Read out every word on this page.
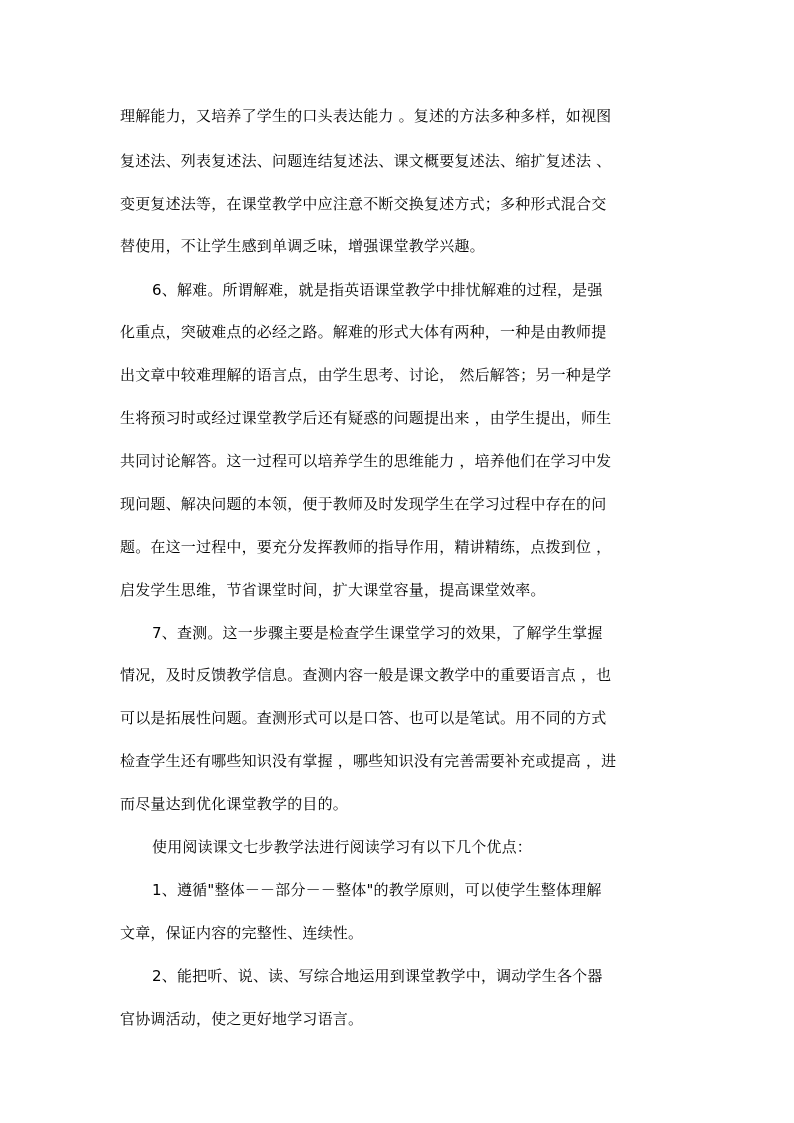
理解能力，又培养了学生的口头表达能力 。复述的方法多种多样，如视图
复述法、列表复述法、问题连结复述法、课文概要复述法、缩扩复述法 、
变更复述法等，在课堂教学中应注意不断交换复述方式；多种形式混合交
替使用，不让学生感到单调乏味，增强课堂教学兴趣。
6、解难。所谓解难，就是指英语课堂教学中排忧解难的过程，是强
化重点，突破难点的必经之路。解难的形式大体有两种，一种是由教师提
出文章中较难理解的语言点，由学生思考、讨论， 然后解答；另一种是学
生将预习时或经过课堂教学后还有疑惑的问题提出来 ，由学生提出，师生
共同讨论解答。这一过程可以培养学生的思维能力 ，培养他们在学习中发
现问题、解决问题的本领，便于教师及时发现学生在学习过程中存在的问
题。在这一过程中，要充分发挥教师的指导作用，精讲精练，点拨到位 ，
启发学生思维，节省课堂时间，扩大课堂容量，提高课堂效率。
7、查测。这一步骤主要是检查学生课堂学习的效果，了解学生掌握
情况，及时反馈教学信息。查测内容一般是课文教学中的重要语言点 ，也
可以是拓展性问题。查测形式可以是口答、也可以是笔试。用不同的方式
检查学生还有哪些知识没有掌握 ，哪些知识没有完善需要补充或提高 ，进
而尽量达到优化课堂教学的目的。
使用阅读课文七步教学法进行阅读学习有以下几个优点：
1、遵循"整体－－部分－－整体"的教学原则，可以使学生整体理解
文章，保证内容的完整性、连续性。
2、能把听、说、读、写综合地运用到课堂教学中，调动学生各个器
官协调活动，使之更好地学习语言。
